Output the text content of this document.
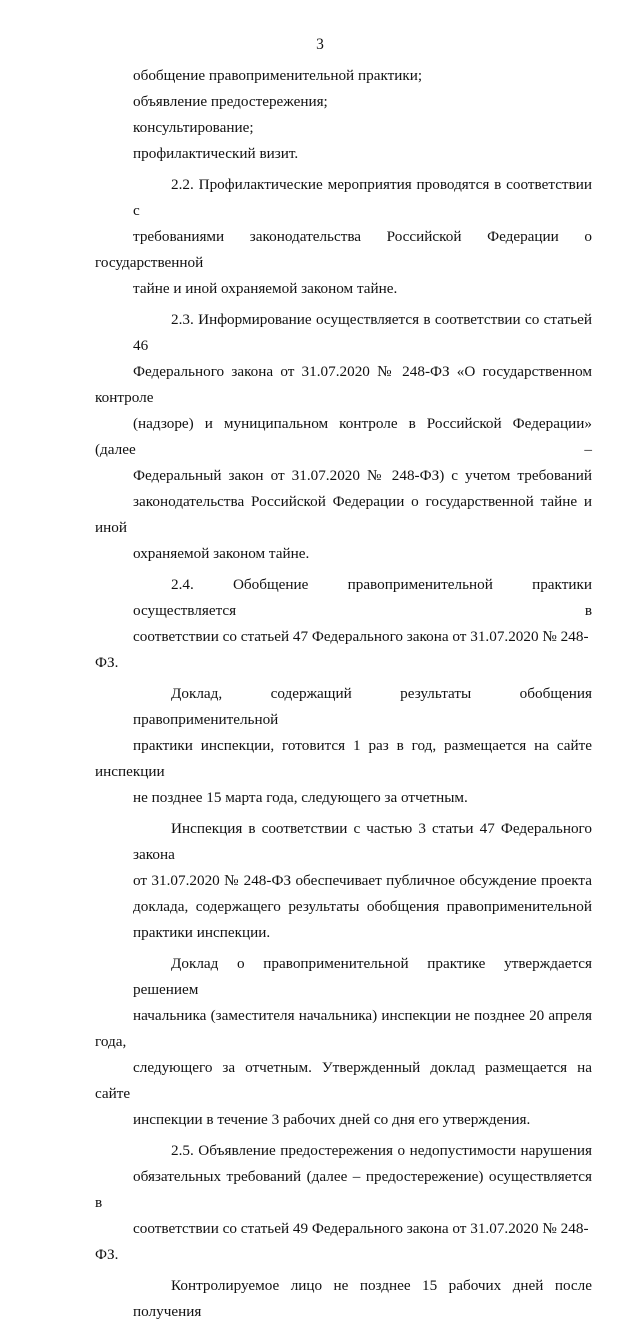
3

обобщение правоприменительной практики;

объявление предостережения;

консультирование;

профилактический визит.

2.2. Профилактические мероприятия проводятся в соответствии с
требованиями законодательства Российской Федерации о государственной
тайне и иной охраняемой законом тайне.
2.3. Информирование осуществляется в соответствии со статьей 46
Федерального закона от 31.07.2020 № 248-ФЗ «О государственном контроле
(надзоре) и муниципальном контроле в Российской Федерации» (далее –
Федеральный закон от 31.07.2020 № 248-ФЗ) с учетом требований
законодательства Российской Федерации о государственной тайне и иной
охраняемой законом тайне.
2.4. Обобщение правоприменительной практики осуществляется в
соответствии со статьей 47 Федерального закона от 31.07.2020 № 248-ФЗ.
Доклад, содержащий результаты обобщения правоприменительной
практики инспекции, готовится 1 раз в год, размещается на сайте инспекции
не позднее 15 марта года, следующего за отчетным.
Инспекция в соответствии с частью 3 статьи 47 Федерального закона
от 31.07.2020 № 248-ФЗ обеспечивает публичное обсуждение проекта
доклада, содержащего результаты обобщения правоприменительной
практики инспекции.
Доклад о правоприменительной практике утверждается решением
начальника (заместителя начальника) инспекции не позднее 20 апреля года,
следующего за отчетным. Утвержденный доклад размещается на сайте
инспекции в течение 3 рабочих дней со дня его утверждения.
2.5. Объявление предостережения о недопустимости нарушения
обязательных требований (далее – предостережение) осуществляется в
соответствии со статьей 49 Федерального закона от 31.07.2020 № 248-ФЗ.
Контролируемое лицо не позднее 15 рабочих дней после получения
